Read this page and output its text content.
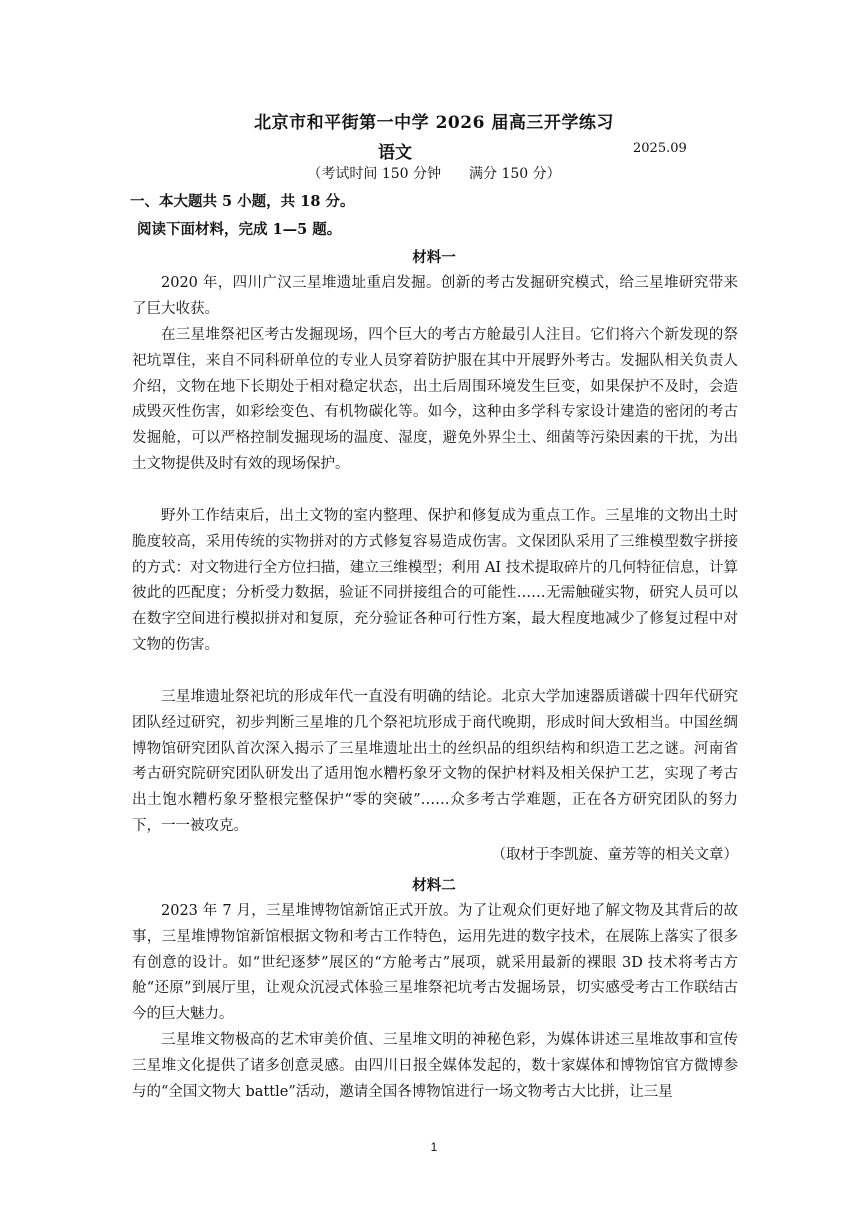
北京市和平街第一中学 2026 届高三开学练习
语文	2025.09
（考试时间 150 分钟　　满分 150 分）
一、本大题共 5 小题，共 18 分。
阅读下面材料，完成 1—5 题。
材料一

2020 年，四川广汉三星堆遗址重启发掘。创新的考古发掘研究模式，给三星堆研究带来了巨大收获。

在三星堆祭祀区考古发掘现场，四个巨大的考古方舱最引人注目。它们将六个新发现的祭祀坑罩住，来自不同科研单位的专业人员穿着防护服在其中开展野外考古。发掘队相关负责人介绍，文物在地下长期处于相对稳定状态，出土后周围环境发生巨变，如果保护不及时，会造成毁灭性伤害，如彩绘变色、有机物碳化等。如今，这种由多学科专家设计建造的密闭的考古发掘舱，可以严格控制发掘现场的温度、湿度，避免外界尘土、细菌等污染因素的干扰，为出土文物提供及时有效的现场保护。

野外工作结束后，出土文物的室内整理、保护和修复成为重点工作。三星堆的文物出土时脆度较高，采用传统的实物拼对的方式修复容易造成伤害。文保团队采用了三维模型数字拼接的方式：对文物进行全方位扫描，建立三维模型；利用 AI 技术提取碎片的几何特征信息，计算彼此的匹配度；分析受力数据，验证不同拼接组合的可能性……无需触碰实物，研究人员可以在数字空间进行模拟拼对和复原，充分验证各种可行性方案，最大程度地减少了修复过程中对文物的伤害。

三星堆遗址祭祀坑的形成年代一直没有明确的结论。北京大学加速器质谱碳十四年代研究团队经过研究，初步判断三星堆的几个祭祀坑形成于商代晚期，形成时间大致相当。中国丝绸博物馆研究团队首次深入揭示了三星堆遗址出土的丝织品的组织结构和织造工艺之谜。河南省考古研究院研究团队研发出了适用饱水糟朽象牙文物的保护材料及相关保护工艺，实现了考古出土饱水糟朽象牙整根完整保护“零的突破”……众多考古学难题，正在各方研究团队的努力下，一一被攻克。

（取材于李凯旋、童芳等的相关文章）
材料二

2023 年 7 月，三星堆博物馆新馆正式开放。为了让观众们更好地了解文物及其背后的故事，三星堆博物馆新馆根据文物和考古工作特色，运用先进的数字技术，在展陈上落实了很多有创意的设计。如“世纪逐梦”展区的“方舱考古”展项，就采用最新的裸眼 3D 技术将考古方舱“还原”到展厅里，让观众沉浸式体验三星堆祭祀坑考古发掘场景，切实感受考古工作联结古今的巨大魅力。

三星堆文物极高的艺术审美价值、三星堆文明的神秘色彩，为媒体讲述三星堆故事和宣传三星堆文化提供了诸多创意灵感。由四川日报全媒体发起的，数十家媒体和博物馆官方微博参与的“全国文物大 battle”活动，邀请全国各博物馆进行一场文物考古大比拼，让三星

1
